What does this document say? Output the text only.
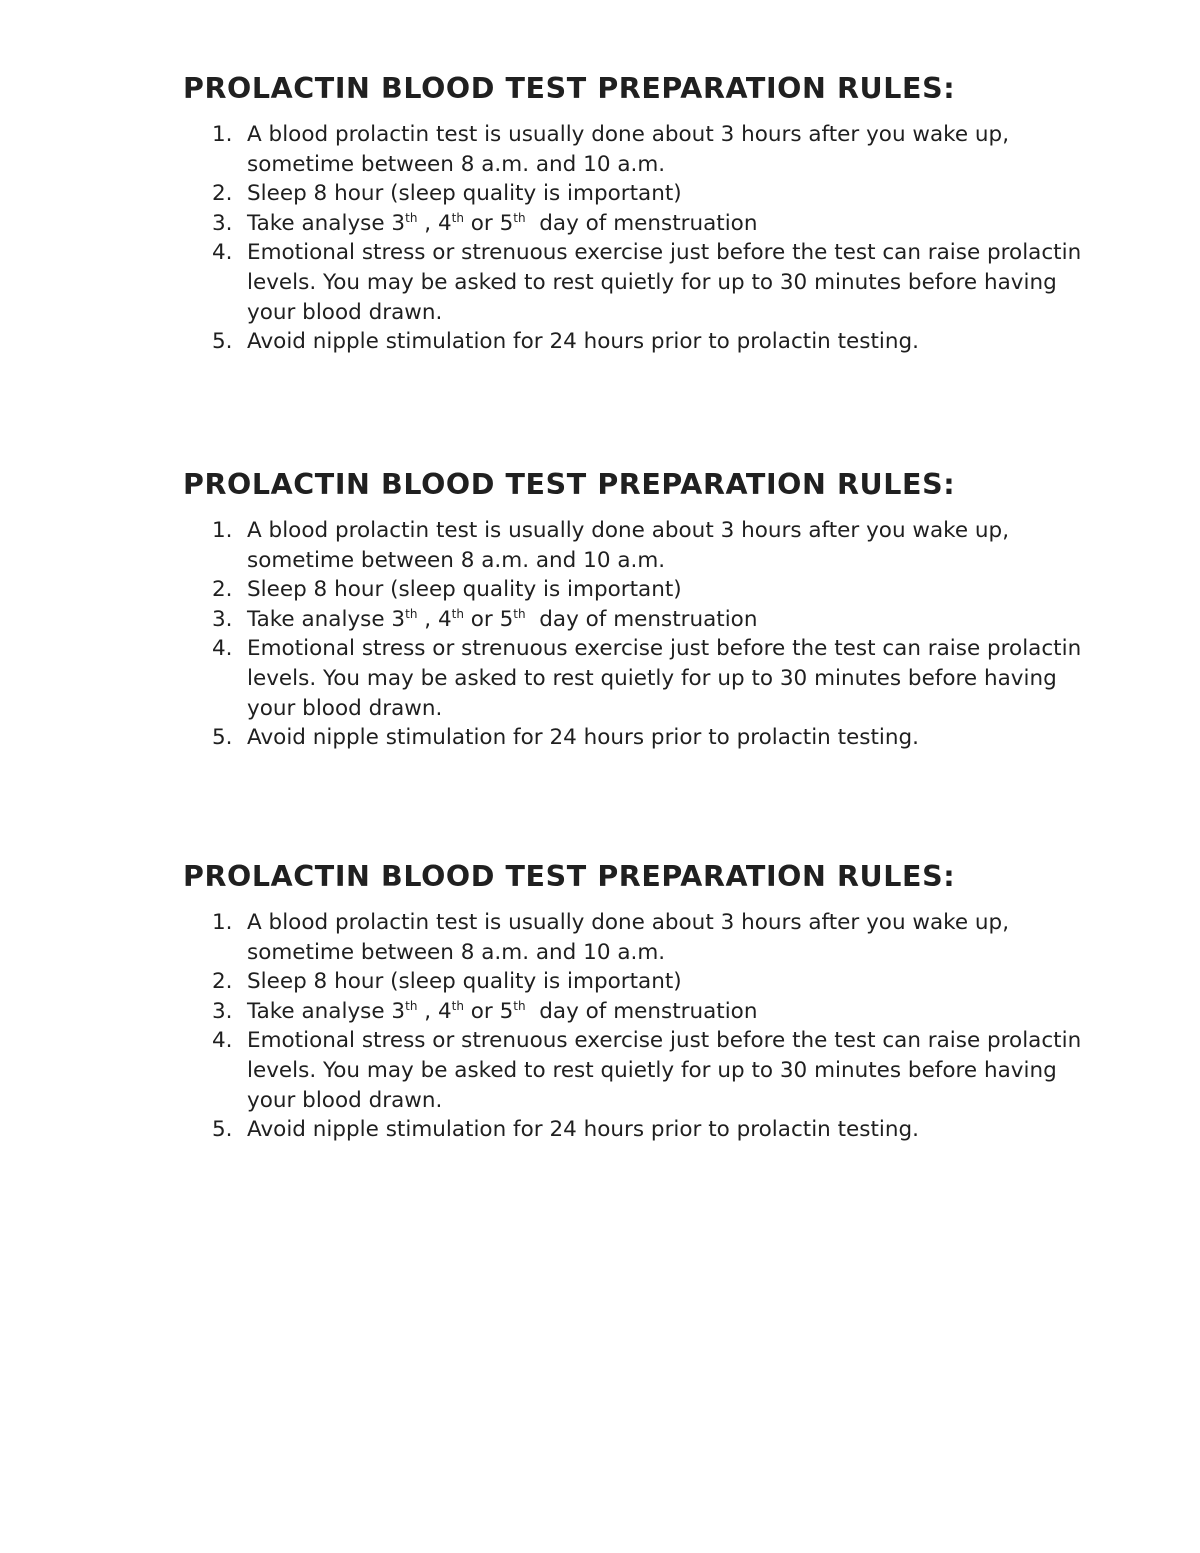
PROLACTIN BLOOD TEST PREPARATION RULES:
1. A blood prolactin test is usually done about 3 hours after you wake up, sometime between 8 a.m. and 10 a.m.
2. Sleep 8 hour (sleep quality is important)
3. Take analyse 3th , 4th or 5th  day of menstruation
4. Emotional stress or strenuous exercise just before the test can raise prolactin levels. You may be asked to rest quietly for up to 30 minutes before having your blood drawn.
5. Avoid nipple stimulation for 24 hours prior to prolactin testing.
PROLACTIN BLOOD TEST PREPARATION RULES:
1. A blood prolactin test is usually done about 3 hours after you wake up, sometime between 8 a.m. and 10 a.m.
2. Sleep 8 hour (sleep quality is important)
3. Take analyse 3th , 4th or 5th  day of menstruation
4. Emotional stress or strenuous exercise just before the test can raise prolactin levels. You may be asked to rest quietly for up to 30 minutes before having your blood drawn.
5. Avoid nipple stimulation for 24 hours prior to prolactin testing.
PROLACTIN BLOOD TEST PREPARATION RULES:
1. A blood prolactin test is usually done about 3 hours after you wake up, sometime between 8 a.m. and 10 a.m.
2. Sleep 8 hour (sleep quality is important)
3. Take analyse 3th , 4th or 5th  day of menstruation
4. Emotional stress or strenuous exercise just before the test can raise prolactin levels. You may be asked to rest quietly for up to 30 minutes before having your blood drawn.
5. Avoid nipple stimulation for 24 hours prior to prolactin testing.
